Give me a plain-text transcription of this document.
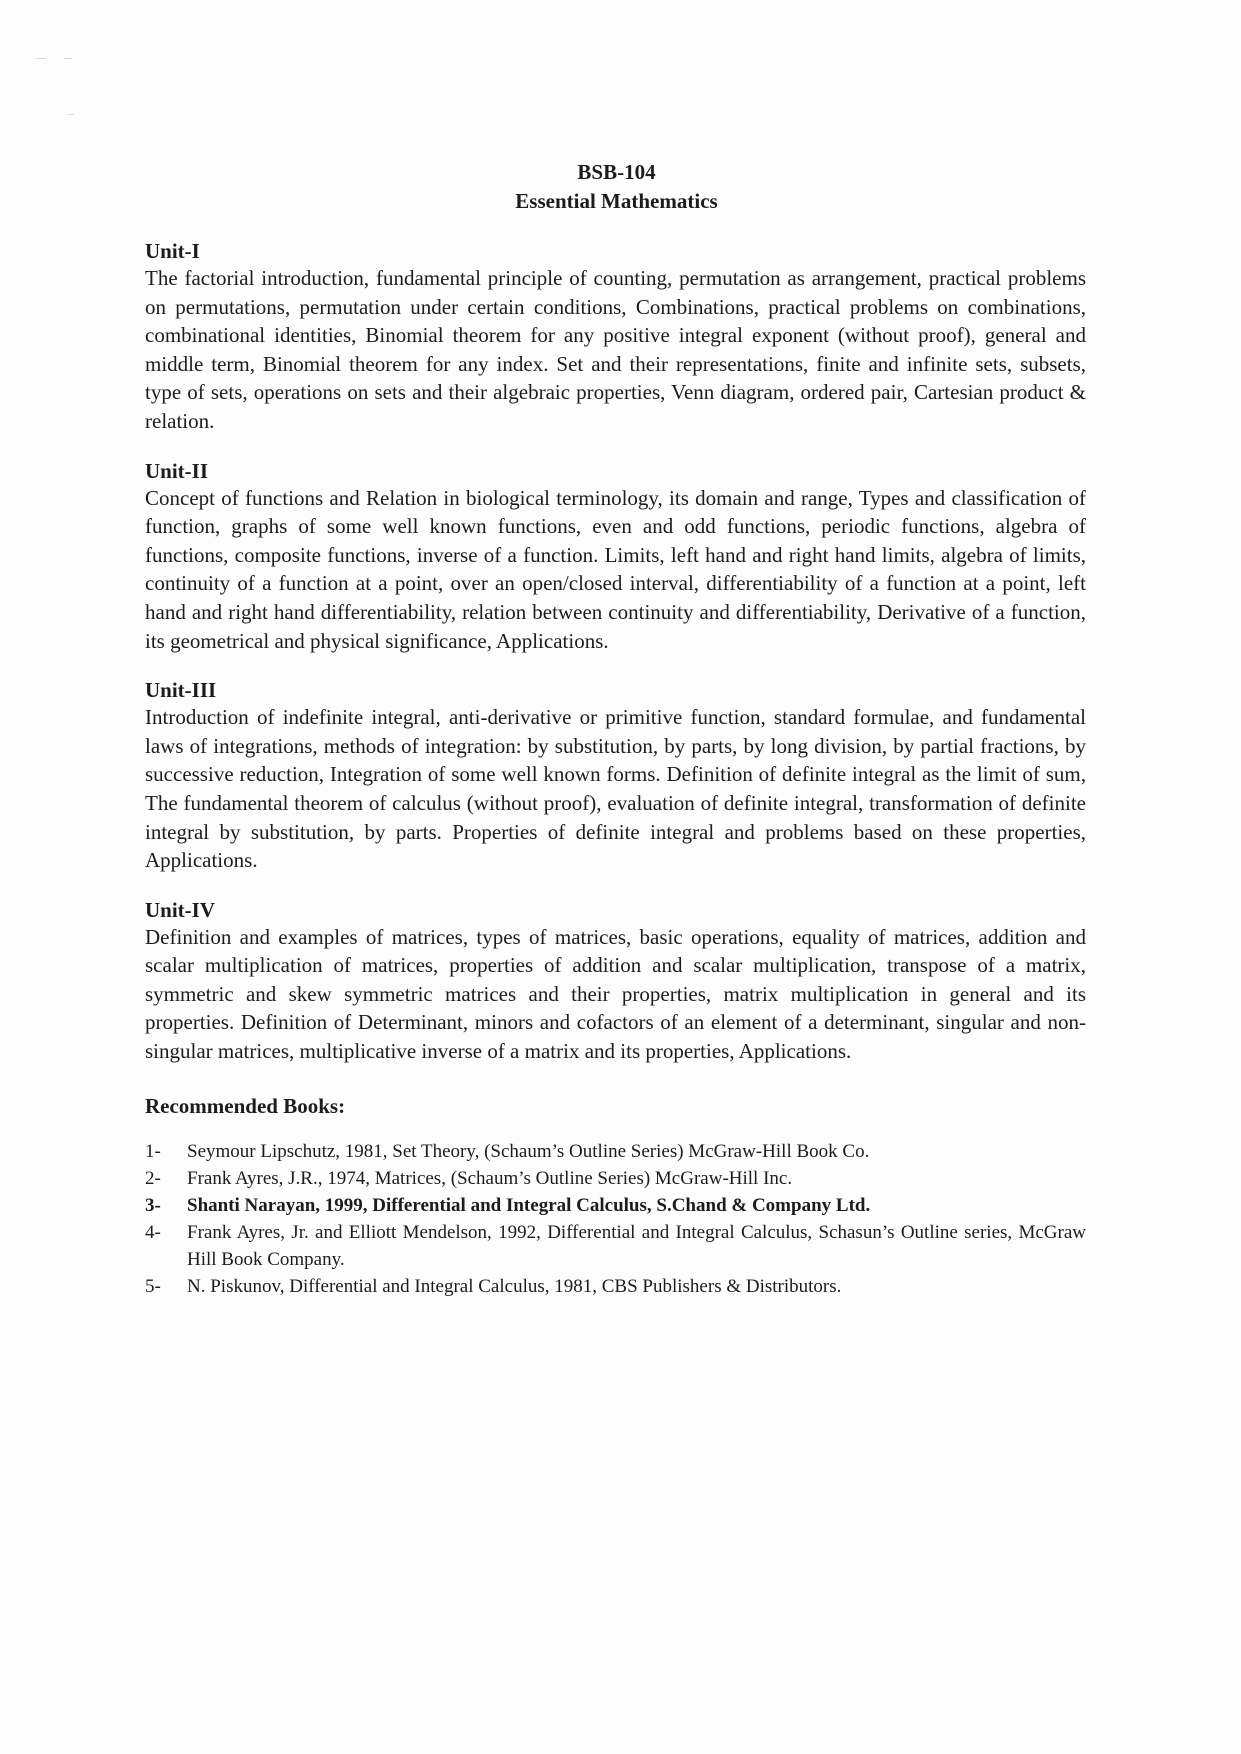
BSB-104
Essential Mathematics

Unit-I

The factorial introduction, fundamental principle of counting, permutation as arrangement, practical problems on permutations, permutation under certain conditions, Combinations, practical problems on combinations, combinational identities, Binomial theorem for any positive integral exponent (without proof), general and middle term, Binomial theorem for any index. Set and their representations, finite and infinite sets, subsets, type of sets, operations on sets and their algebraic properties, Venn diagram, ordered pair, Cartesian product & relation.

Unit-II

Concept of functions and Relation in biological terminology, its domain and range, Types and classification of function, graphs of some well known functions, even and odd functions, periodic functions, algebra of functions, composite functions, inverse of a function. Limits, left hand and right hand limits, algebra of limits, continuity of a function at a point, over an open/closed interval, differentiability of a function at a point, left hand and right hand differentiability, relation between continuity and differentiability, Derivative of a function, its geometrical and physical significance, Applications.

Unit-III

Introduction of indefinite integral, anti-derivative or primitive function, standard formulae, and fundamental laws of integrations, methods of integration: by substitution, by parts, by long division, by partial fractions, by successive reduction, Integration of some well known forms. Definition of definite integral as the limit of sum, The fundamental theorem of calculus (without proof), evaluation of definite integral, transformation of definite integral by substitution, by parts. Properties of definite integral and problems based on these properties, Applications.

Unit-IV

Definition and examples of matrices, types of matrices, basic operations, equality of matrices, addition and scalar multiplication of matrices, properties of addition and scalar multiplication, transpose of a matrix, symmetric and skew symmetric matrices and their properties, matrix multiplication in general and its properties. Definition of Determinant, minors and cofactors of an element of a determinant, singular and non-singular matrices, multiplicative inverse of a matrix and its properties, Applications.

Recommended Books:

1-	Seymour Lipschutz, 1981, Set Theory, (Schaum’s Outline Series) McGraw-Hill Book Co.
2-	Frank Ayres, J.R., 1974, Matrices, (Schaum’s Outline Series) McGraw-Hill Inc.
3-	Shanti Narayan, 1999, Differential and Integral Calculus, S.Chand & Company Ltd.
4-	Frank Ayres, Jr. and Elliott Mendelson, 1992, Differential and Integral Calculus, Schasun’s Outline series, McGraw Hill Book Company.
5-	N. Piskunov, Differential and Integral Calculus, 1981, CBS Publishers & Distributors.
